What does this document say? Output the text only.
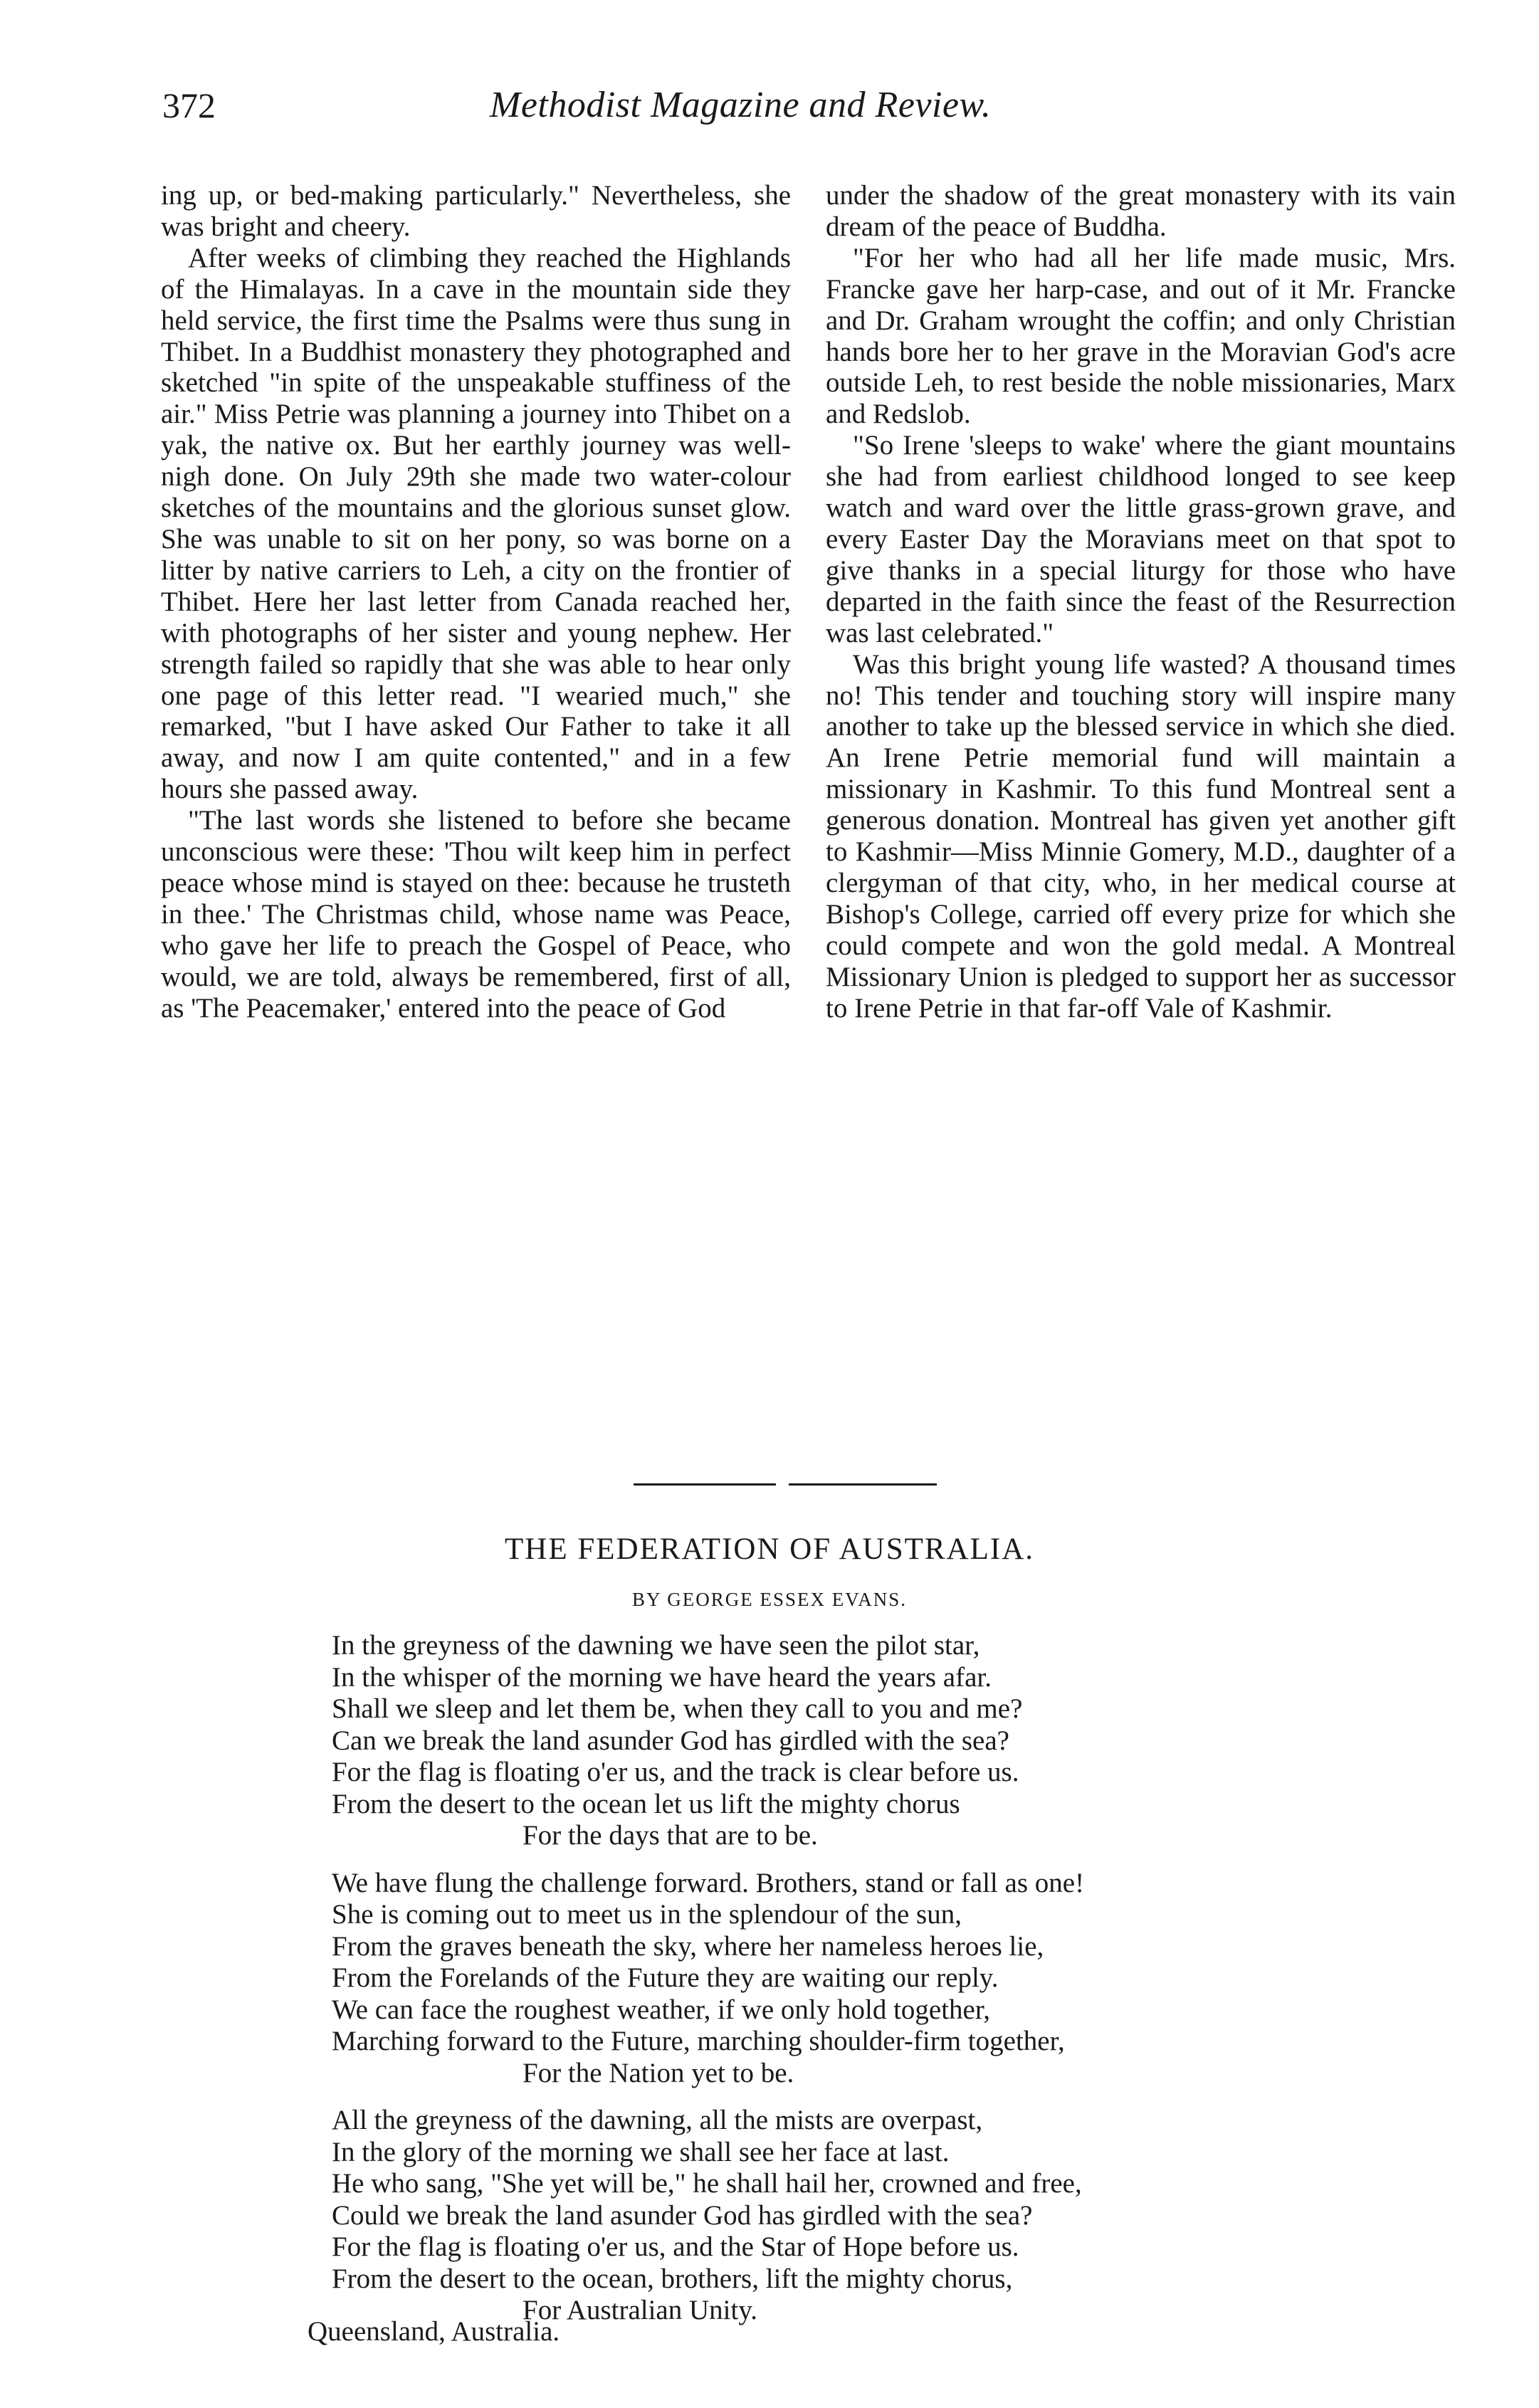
372	Methodist Magazine and Review.

ing up, or bed-making particularly." Nevertheless, she was bright and cheery.

After weeks of climbing they reached the Highlands of the Himalayas. In a cave in the mountain side they held service, the first time the Psalms were thus sung in Thibet. In a Buddhist monastery they photographed and sketched "in spite of the unspeakable stuffiness of the air." Miss Petrie was planning a journey into Thibet on a yak, the native ox. But her earthly journey was well-nigh done. On July 29th she made two water-colour sketches of the mountains and the glorious sunset glow. She was unable to sit on her pony, so was borne on a litter by native carriers to Leh, a city on the frontier of Thibet. Here her last letter from Canada reached her, with photographs of her sister and young nephew. Her strength failed so rapidly that she was able to hear only one page of this letter read. "I wearied much," she remarked, "but I have asked Our Father to take it all away, and now I am quite contented," and in a few hours she passed away.

"The last words she listened to before she became unconscious were these: 'Thou wilt keep him in perfect peace whose mind is stayed on thee: because he trusteth in thee.' The Christmas child, whose name was Peace, who gave her life to preach the Gospel of Peace, who would, we are told, always be remembered, first of all, as 'The Peacemaker,' entered into the peace of God

under the shadow of the great monastery with its vain dream of the peace of Buddha.

"For her who had all her life made music, Mrs. Francke gave her harp-case, and out of it Mr. Francke and Dr. Graham wrought the coffin; and only Christian hands bore her to her grave in the Moravian God's acre outside Leh, to rest beside the noble missionaries, Marx and Redslob.

"So Irene 'sleeps to wake' where the giant mountains she had from earliest childhood longed to see keep watch and ward over the little grass-grown grave, and every Easter Day the Moravians meet on that spot to give thanks in a special liturgy for those who have departed in the faith since the feast of the Resurrection was last celebrated."

Was this bright young life wasted? A thousand times no! This tender and touching story will inspire many another to take up the blessed service in which she died. An Irene Petrie memorial fund will maintain a missionary in Kashmir. To this fund Montreal sent a generous donation. Montreal has given yet another gift to Kashmir—Miss Minnie Gomery, M.D., daughter of a clergyman of that city, who, in her medical course at Bishop's College, carried off every prize for which she could compete and won the gold medal. A Montreal Missionary Union is pledged to support her as successor to Irene Petrie in that far-off Vale of Kashmir.

THE FEDERATION OF AUSTRALIA.
BY GEORGE ESSEX EVANS.
In the greyness of the dawning we have seen the pilot star,
In the whisper of the morning we have heard the years afar.
Shall we sleep and let them be, when they call to you and me?
Can we break the land asunder God has girdled with the sea?
For the flag is floating o'er us, and the track is clear before us.
From the desert to the ocean let us lift the mighty chorus
For the days that are to be.
We have flung the challenge forward. Brothers, stand or fall as one!
She is coming out to meet us in the splendour of the sun,
From the graves beneath the sky, where her nameless heroes lie,
From the Forelands of the Future they are waiting our reply.
We can face the roughest weather, if we only hold together,
Marching forward to the Future, marching shoulder-firm together,
For the Nation yet to be.
All the greyness of the dawning, all the mists are overpast,
In the glory of the morning we shall see her face at last.
He who sang, "She yet will be," he shall hail her, crowned and free,
Could we break the land asunder God has girdled with the sea?
For the flag is floating o'er us, and the Star of Hope before us.
From the desert to the ocean, brothers, lift the mighty chorus,
For Australian Unity.
Queensland, Australia.
